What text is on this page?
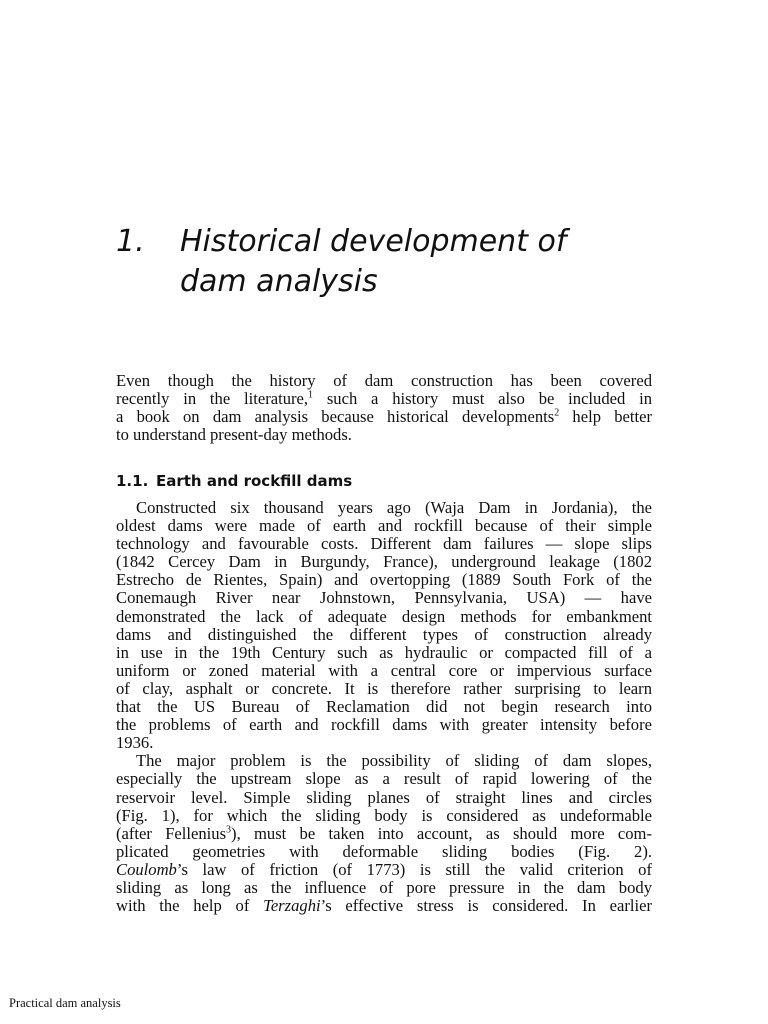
1.	Historical development of
dam analysis
Even though the history of dam construction has been covered
recently in the literature,$^1$ such a history must also be included in
a book on dam analysis because historical developments$^2$ help better
to understand present-day methods.
1.1. Earth and rockfill dams
Constructed six thousand years ago (Waja Dam in Jordania), the
oldest dams were made of earth and rockfill because of their simple
technology and favourable costs. Different dam failures — slope slips
(1842 Cercey Dam in Burgundy, France), underground leakage (1802
Estrecho de Rientes, Spain) and overtopping (1889 South Fork of the
Conemaugh River near Johnstown, Pennsylvania, USA) — have
demonstrated the lack of adequate design methods for embankment
dams and distinguished the different types of construction already
in use in the 19th Century such as hydraulic or compacted fill of a
uniform or zoned material with a central core or impervious surface
of clay, asphalt or concrete. It is therefore rather surprising to learn
that the US Bureau of Reclamation did not begin research into
the problems of earth and rockfill dams with greater intensity before
1936.
The major problem is the possibility of sliding of dam slopes,
especially the upstream slope as a result of rapid lowering of the
reservoir level. Simple sliding planes of straight lines and circles
(Fig. 1), for which the sliding body is considered as undeformable
(after Fellenius$^3$), must be taken into account, as should more com-
plicated geometries with deformable sliding bodies (Fig. 2).
Coulomb’s law of friction (of 1773) is still the valid criterion of
sliding as long as the influence of pore pressure in the dam body
with the help of Terzaghi’s effective stress is considered. In earlier
Practical dam analysis
